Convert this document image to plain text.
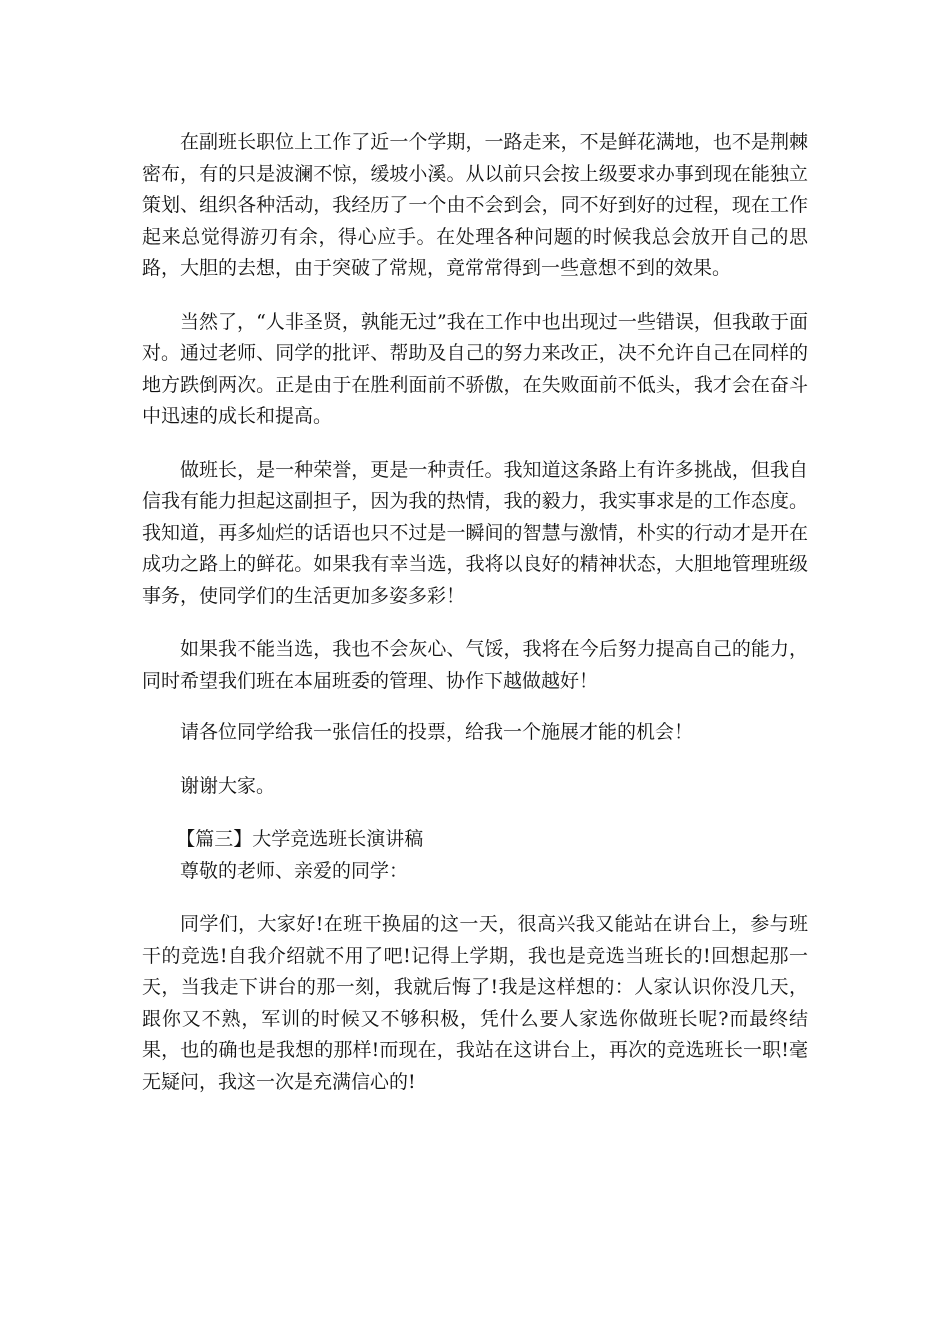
在副班长职位上工作了近一个学期，一路走来，不是鲜花满地，也不是荆棘密布，有的只是波澜不惊，缓坡小溪。从以前只会按上级要求办事到现在能独立策划、组织各种活动，我经历了一个由不会到会，同不好到好的过程，现在工作起来总觉得游刃有余，得心应手。在处理各种问题的时候我总会放开自己的思路，大胆的去想，由于突破了常规，竟常常得到一些意想不到的效果。

当然了，“人非圣贤，孰能无过”我在工作中也出现过一些错误，但我敢于面对。通过老师、同学的批评、帮助及自己的努力来改正，决不允许自己在同样的地方跌倒两次。正是由于在胜利面前不骄傲，在失败面前不低头，我才会在奋斗中迅速的成长和提高。

做班长，是一种荣誉，更是一种责任。我知道这条路上有许多挑战，但我自信我有能力担起这副担子，因为我的热情，我的毅力，我实事求是的工作态度。我知道，再多灿烂的话语也只不过是一瞬间的智慧与激情，朴实的行动才是开在成功之路上的鲜花。如果我有幸当选，我将以良好的精神状态，大胆地管理班级事务，使同学们的生活更加多姿多彩！

如果我不能当选，我也不会灰心、气馁，我将在今后努力提高自己的能力，同时希望我们班在本届班委的管理、协作下越做越好！

请各位同学给我一张信任的投票，给我一个施展才能的机会！

谢谢大家。

【篇三】大学竞选班长演讲稿

尊敬的老师、亲爱的同学：

同学们，大家好!在班干换届的这一天，很高兴我又能站在讲台上，参与班干的竞选!自我介绍就不用了吧!记得上学期，我也是竞选当班长的!回想起那一天，当我走下讲台的那一刻，我就后悔了!我是这样想的：人家认识你没几天，跟你又不熟，军训的时候又不够积极，凭什么要人家选你做班长呢?而最终结果，也的确也是我想的那样!而现在，我站在这讲台上，再次的竞选班长一职!毫无疑问，我这一次是充满信心的!
